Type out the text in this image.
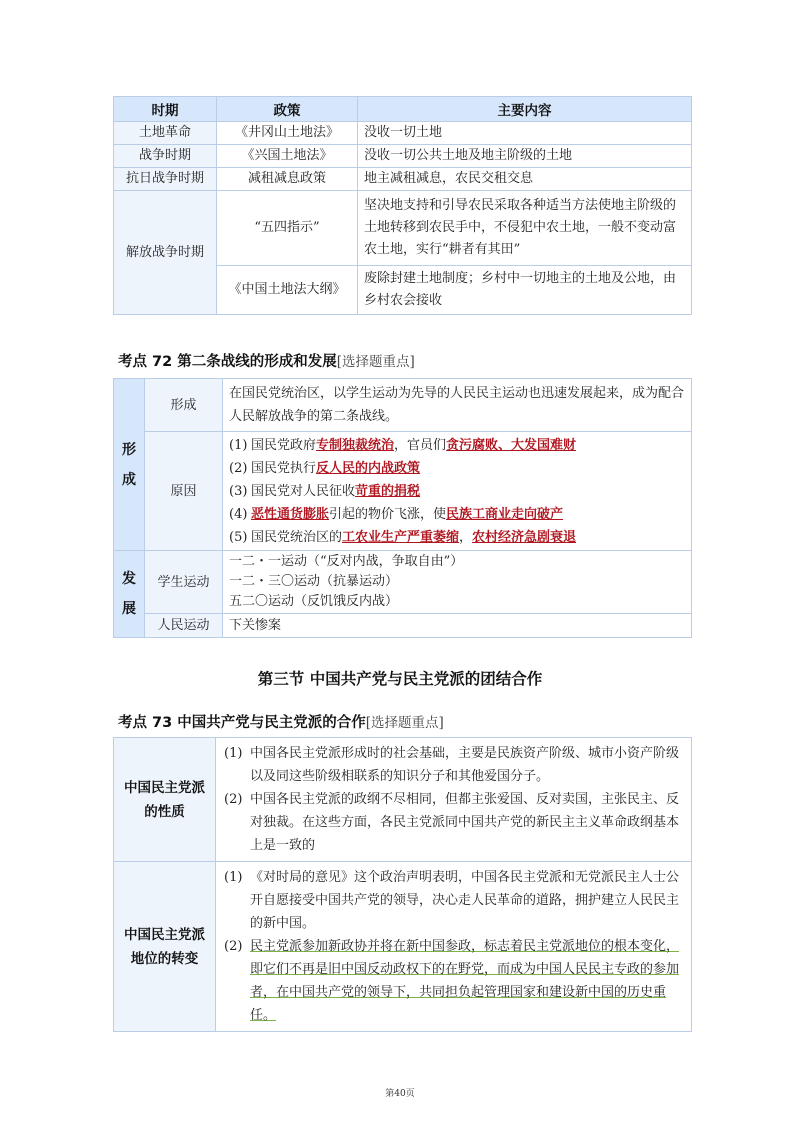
时期	政策	主要内容
土地革命	《井冈山土地法》	没收一切土地
战争时期	《兴国土地法》	没收一切公共土地及地主阶级的土地
抗日战争时期	减租减息政策	地主减租减息，农民交租交息
解放战争时期	“五四指示”	坚决地支持和引导农民采取各种适当方法使地主阶级的土地转移到农民手中，不侵犯中农土地，一般不变动富农土地，实行“耕者有其田”
	《中国土地法大纲》	废除封建土地制度；乡村中一切地主的土地及公地，由乡村农会接收
考点 72 第二条战线的形成和发展[选择题重点]
形成	形成	在国民党统治区，以学生运动为先导的人民民主运动也迅速发展起来，成为配合人民解放战争的第二条战线。
	原因	(1) 国民党政府专制独裁统治，官员们贪污腐败、大发国难财
(2) 国民党执行反人民的内战政策
(3) 国民党对人民征收苛重的捐税
(4) 恶性通货膨胀引起的物价飞涨，使民族工商业走向破产
(5) 国民党统治区的工农业生产严重萎缩，农村经济急剧衰退

发展	学生运动	一二・一运动（“反对内战，争取自由”）
一二・三〇运动（抗暴运动）
五二〇运动（反饥饿反内战）

	人民运动	下关惨案
第三节 中国共产党与民主党派的团结合作
考点 73 中国共产党与民主党派的合作[选择题重点]
中国民主党派的性质	(1) 中国各民主党派形成时的社会基础，主要是民族资产阶级、城市小资产阶级以及同这些阶级相联系的知识分子和其他爱国分子。
(2) 中国各民主党派的政纲不尽相同，但都主张爱国、反对卖国，主张民主、反对独裁。在这些方面，各民主党派同中国共产党的新民主主义革命政纲基本上是一致的

中国民主党派地位的转变	(1) 《对时局的意见》这个政治声明表明，中国各民主党派和无党派民主人士公开自愿接受中国共产党的领导，决心走人民革命的道路，拥护建立人民民主的新中国。
(2) 民主党派参加新政协并将在新中国参政，标志着民主党派地位的根本变化，即它们不再是旧中国反动政权下的在野党，而成为中国人民民主专政的参加者，在中国共产党的领导下，共同担负起管理国家和建设新中国的历史重任。
第40页
